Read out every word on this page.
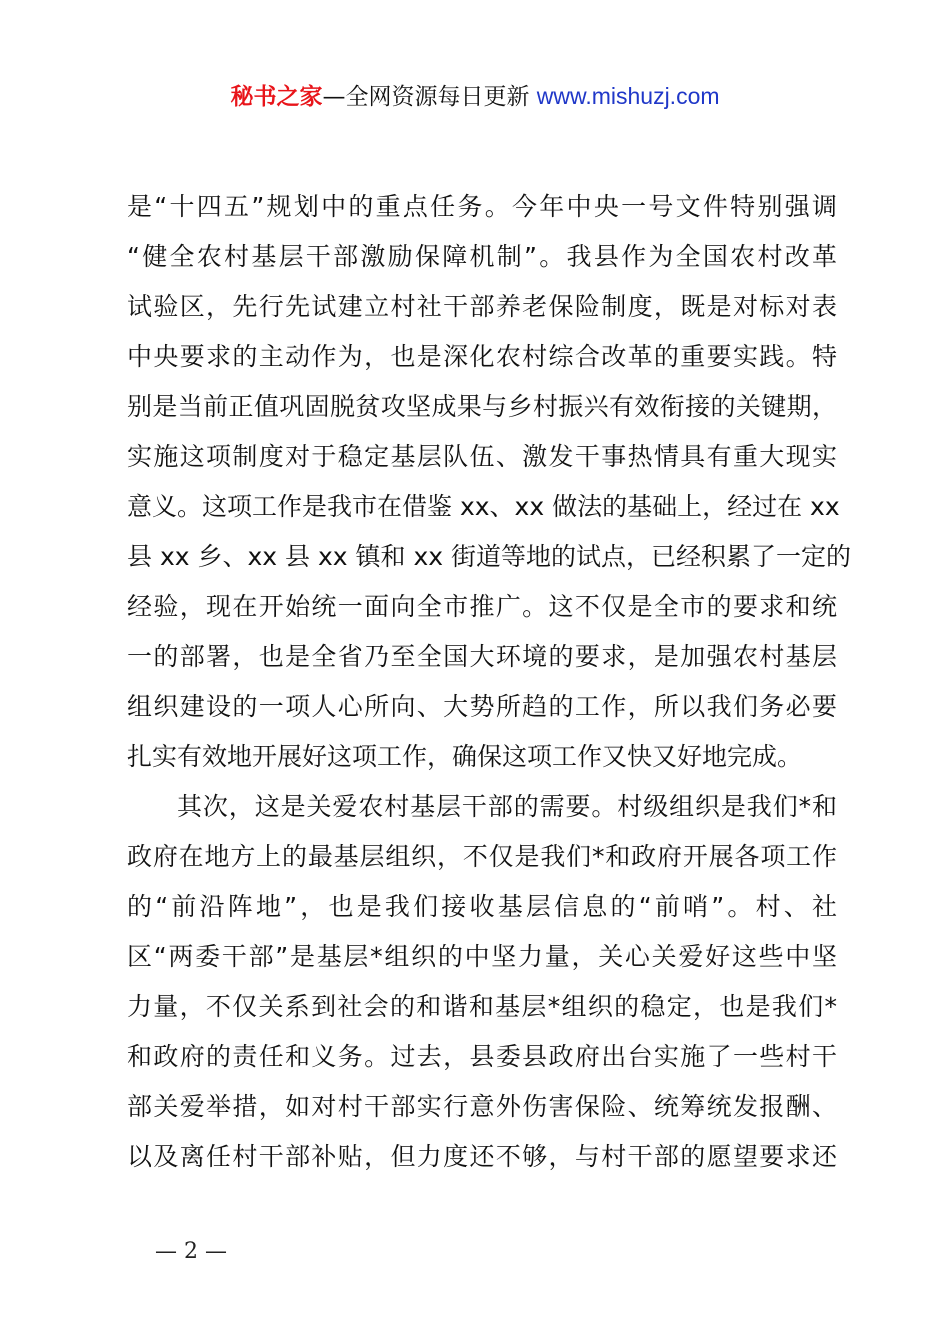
秘书之家—全网资源每日更新 www.mishuzj.com
是“十四五”规划中的重点任务。今年中央一号文件特别强调
“健全农村基层干部激励保障机制”。我县作为全国农村改革
试验区，先行先试建立村社干部养老保险制度，既是对标对表
中央要求的主动作为，也是深化农村综合改革的重要实践。特
别是当前正值巩固脱贫攻坚成果与乡村振兴有效衔接的关键期，
实施这项制度对于稳定基层队伍、激发干事热情具有重大现实
意义。这项工作是我市在借鉴 xx、xx 做法的基础上，经过在 xx
县 xx 乡、xx 县 xx 镇和 xx 街道等地的试点，已经积累了一定的
经验，现在开始统一面向全市推广。这不仅是全市的要求和统
一的部署，也是全省乃至全国大环境的要求，是加强农村基层
组织建设的一项人心所向、大势所趋的工作，所以我们务必要
扎实有效地开展好这项工作，确保这项工作又快又好地完成。
其次，这是关爱农村基层干部的需要。村级组织是我们*和
政府在地方上的最基层组织，不仅是我们*和政府开展各项工作
的“前沿阵地”，也是我们接收基层信息的“前哨”。村、社
区“两委干部”是基层*组织的中坚力量，关心关爱好这些中坚
力量，不仅关系到社会的和谐和基层*组织的稳定，也是我们*
和政府的责任和义务。过去，县委县政府出台实施了一些村干
部关爱举措，如对村干部实行意外伤害保险、统筹统发报酬、
以及离任村干部补贴，但力度还不够，与村干部的愿望要求还
— 2 —
